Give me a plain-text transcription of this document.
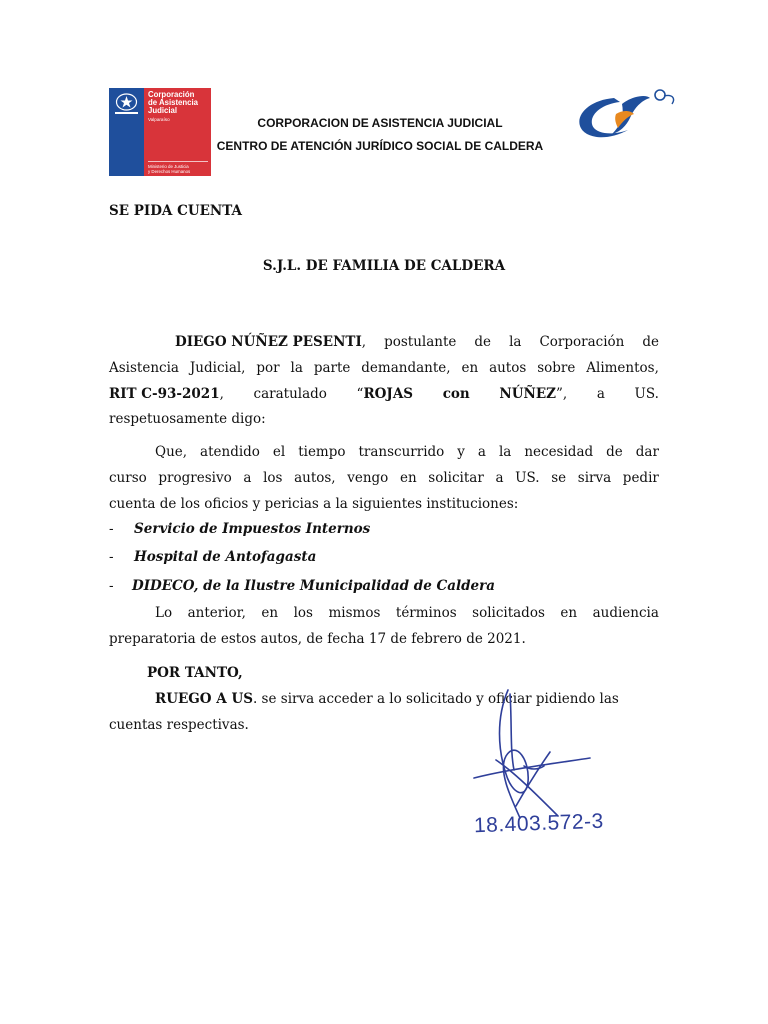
Corporación
de Asistencia
Judicial
Valparaíso
Ministerio de Justicia
y Derechos Humanos
CORPORACION DE ASISTENCIA JUDICIAL
CENTRO DE ATENCIÓN JURÍDICO SOCIAL DE CALDERA
SE PIDA CUENTA
S.J.L. DE FAMILIA DE CALDERA
DIEGO NÚÑEZ PESENTI, postulante de la Corporación de
Asistencia Judicial, por la parte demandante, en autos sobre Alimentos,
RIT C-93-2021, caratulado “ROJAS con NÚÑEZ”, a US.
respetuosamente digo:
Que, atendido el tiempo transcurrido y a la necesidad de dar
curso progresivo a los autos, vengo en solicitar a US. se sirva pedir
cuenta de los oficios y pericias a la siguientes instituciones:
- Servicio de Impuestos Internos
- Hospital de Antofagasta
- DIDECO, de la Ilustre Municipalidad de Caldera
Lo anterior, en los mismos términos solicitados en audiencia
preparatoria de estos autos, de fecha 17 de febrero de 2021.
POR TANTO,
RUEGO A US. se sirva acceder a lo solicitado y oficiar pidiendo las
cuentas respectivas.
18.403.572-3
